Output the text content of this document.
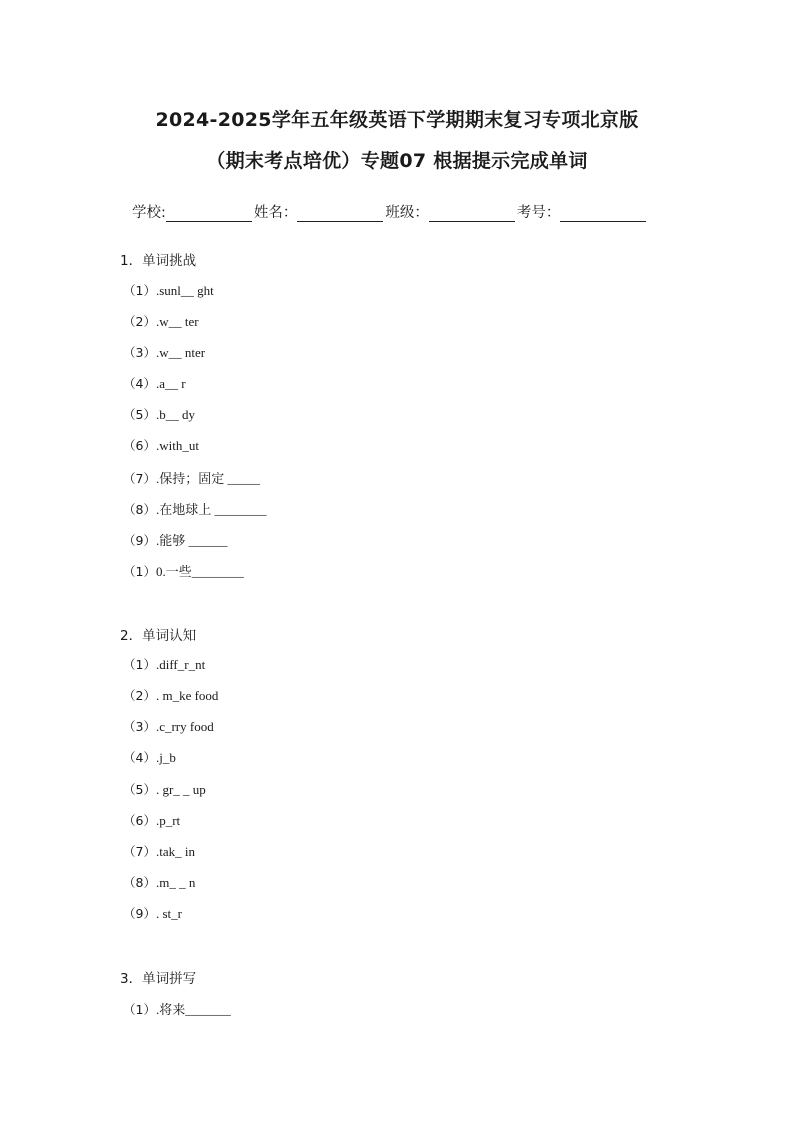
2024-2025学年五年级英语下学期期末复习专项北京版
（期末考点培优）专题07 根据提示完成单词
学校:	姓名：	班级：	考号：
1．单词挑战
（1）.sunl__ ght
（2）.w__ ter
（3）.w__ nter
（4）.a__ r
（5）.b__ dy
（6）.with_ut
（7）.保持；固定 _____
（8）.在地球上 ________
（9）.能够 ______
（1）0.一些________
2．单词认知
（1）.diff_r_nt
（2）. m_ke food
（3）.c_rry food
（4）.j_b
（5）. gr_ _ up
（6）.p_rt
（7）.tak_ in
（8）.m_ _ n
（9）. st_r
3．单词拼写
（1）.将来_______
